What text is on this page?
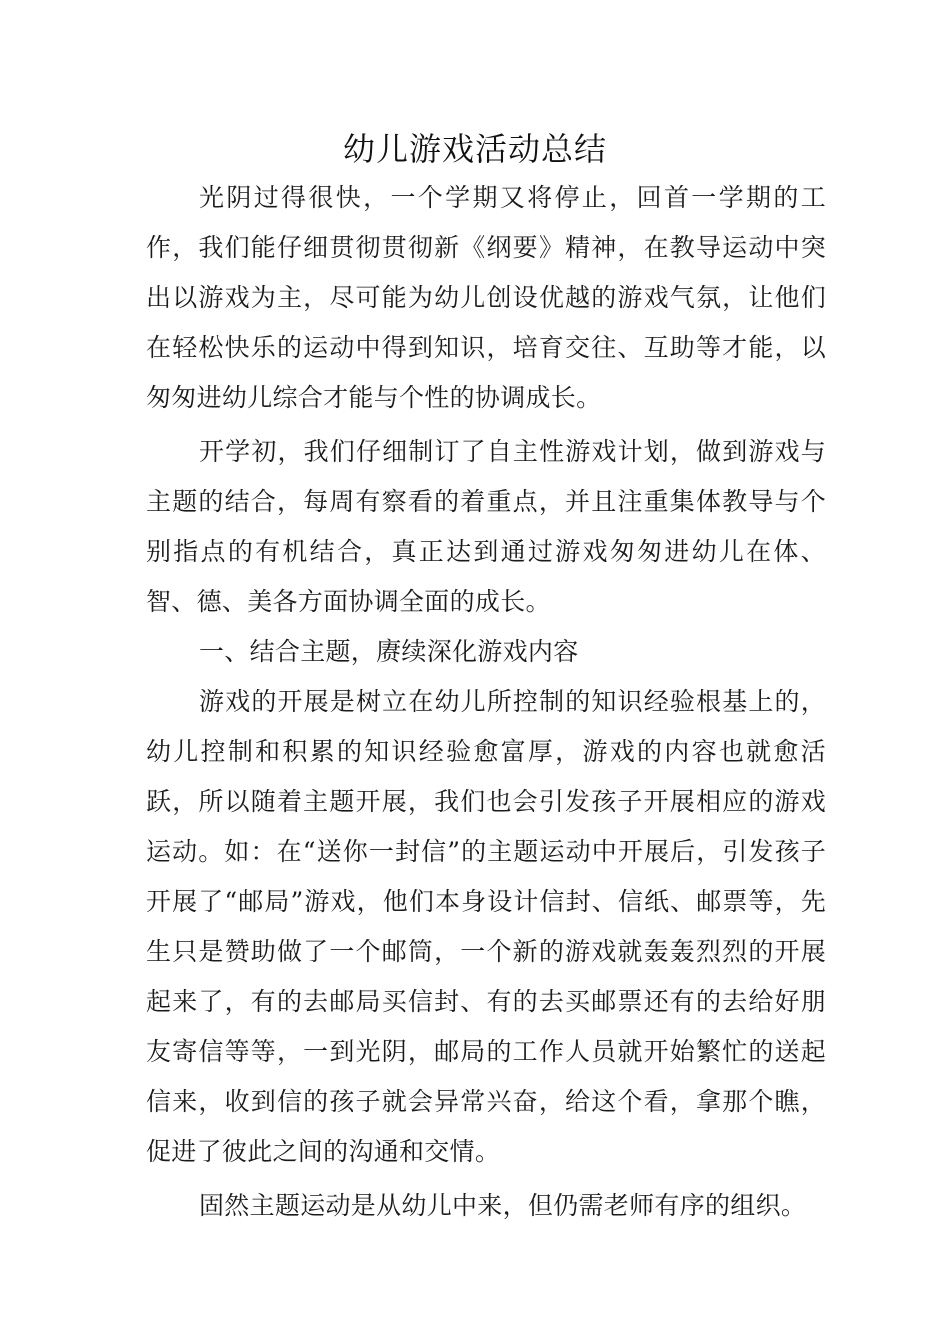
幼儿游戏活动总结

光阴过得很快，一个学期又将停止，回首一学期的工作，我们能仔细贯彻贯彻新《纲要》精神，在教导运动中突出以游戏为主，尽可能为幼儿创设优越的游戏气氛，让他们在轻松快乐的运动中得到知识，培育交往、互助等才能，以匆匆进幼儿综合才能与个性的协调成长。

开学初，我们仔细制订了自主性游戏计划，做到游戏与主题的结合，每周有察看的着重点，并且注重集体教导与个别指点的有机结合，真正达到通过游戏匆匆进幼儿在体、智、德、美各方面协调全面的成长。

一、结合主题，赓续深化游戏内容

游戏的开展是树立在幼儿所控制的知识经验根基上的，幼儿控制和积累的知识经验愈富厚，游戏的内容也就愈活跃，所以随着主题开展，我们也会引发孩子开展相应的游戏运动。如：在“送你一封信”的主题运动中开展后，引发孩子开展了“邮局”游戏，他们本身设计信封、信纸、邮票等，先生只是赞助做了一个邮筒，一个新的游戏就轰轰烈烈的开展起来了，有的去邮局买信封、有的去买邮票还有的去给好朋友寄信等等，一到光阴，邮局的工作人员就开始繁忙的送起信来，收到信的孩子就会异常兴奋，给这个看，拿那个瞧，促进了彼此之间的沟通和交情。

固然主题运动是从幼儿中来，但仍需老师有序的组织。
